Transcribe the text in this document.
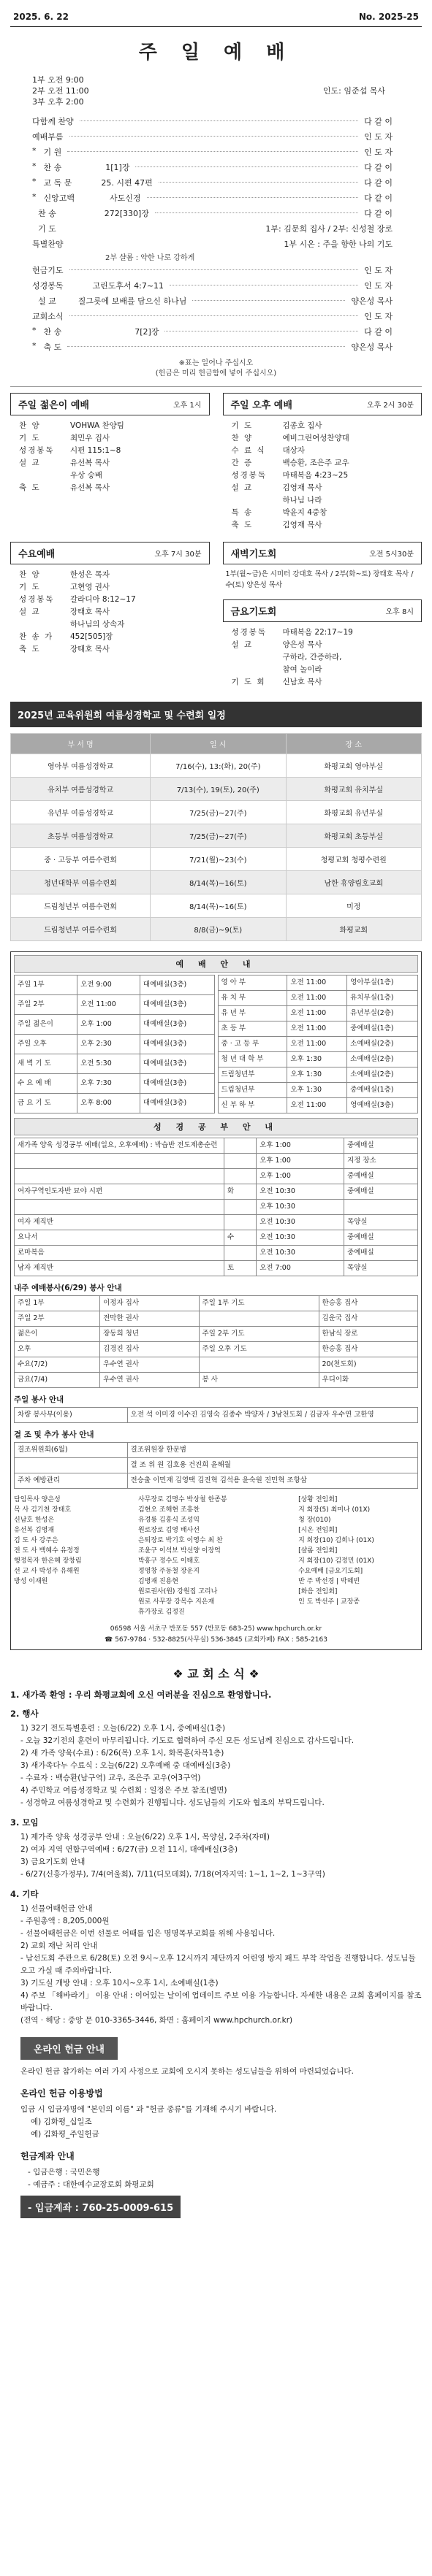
2025. 6. 22	No. 2025-25
주 일 예 배
1부 오전 9:00
2부 오전 11:00
3부 오후 2:00
인도: 임준섭 목사
다함께 찬양	다 같 이
예배부름	인 도 자
* 기 원	인 도 자
* 찬 송	1[1]장	다 같 이
* 교 독 문	25. 시편 47편	다 같 이
* 신앙고백	사도신경	다 같 이
찬 송	272[330]장	다 같 이
기 도	1부: 김문희 집사 / 2부: 신성철 장로
특별찬양	1부 시온 : 주을 향한 나의 기도
2부 샬롬 : 약한 나로 강하게
헌금기도	인 도 자
성경봉독	고린도후서 4:7~11	인 도 자
설 교	질그릇에 보배를 담으신 하나님	양은성 목사
교회소식	인 도 자
* 찬 송	7[2]장	다 같 이
* 축 도	양은성 목사
※표는 일어나 주십시오
(헌금은 미리 헌금함에 넣어 주십시오)
주일 젊은이 예배	오후 1시
찬 양	VOHWA 찬양팀
기 도	최민우 집사
성경봉독	시편 115:1~8
설 교	유선복 목사
우상 숭배
축 도	유선복 목사
주일 오후 예배	오후 2시 30분
기 도	김종호 집사
찬 양	예비그린여성찬양대
수 료 식	대상자
간 증	백승환, 조은주 교우
성경봉독	마태복음 4:23~25
설 교	김영재 목사
하나님 나라
특 송	박윤지 4중창
축 도	김영재 목사
수요예배	오후 7시 30분
찬 양	한성은 목자
기 도	고현영 권사
성경봉독	갈라디아 8:12~17
설 교	장태호 목사
하나님의 상속자
찬 송 가	452[505]장
축 도	장태호 목사
새벽기도회	오전 5시30분
1부(월~금)은 시미터 강대호 목사 / 2부(화~토) 장태호 목사 / 수(토) 양은성 목사
금요기도회	오후 8시
성경봉독	마태복음 22:17~19
설 교	양은성 목사
구하라, 간증하라,
참여 놀이라
기 도 회	신남호 목사
2025년 교육위원회 여름성경학교 및 수련회 일정
부 서 명	일 시	장 소
영아부 여름성경학교	7/16(수), 13:(화), 20(주)	화평교회 영아부실
유치부 여름성경학교	7/13(수), 19(토), 20(주)	화평교회 유치부실
유년부 여름성경학교	7/25(금)~27(주)	화평교회 유년부실
초등부 여름성경학교	7/25(금)~27(주)	화평교회 초등부실
중 · 고등부 여름수련회	7/21(월)~23(수)	청평교회 청평수련원
청년대학부 여름수련회	8/14(목)~16(토)	남한 휴양림호교회
드림청년부 여름수련회	8/14(목)~16(토)	미정
드림청년부 여름수련회	8/8(금)~9(토)	화평교회
예 배 안 내
주일 1부	오전 9:00	대예배실(3층)
주일 2부	오전 11:00	대예배실(3층)
주일 젊은이	오후 1:00	대예배실(3층)
주일 오후	오후 2:30	대예배실(3층)
새 벽 기 도	오전 5:30	대예배실(3층)
수 요 예 배	오후 7:30	대예배실(3층)
금 요 기 도	오후 8:00	대예배실(3층)
영 아 부	오전 11:00	영아부실(1층)
유 치 부	오전 11:00	유치부실(1층)
유 년 부	오전 11:00	유년부실(2층)
초 등 부	오전 11:00	중예배실(1층)
중 · 고 등 부	오전 11:00	소예배실(2층)
청 년 대 학 부	오후 1:30	소예배실(2층)
드림청년부	오후 1:30	소예배실(2층)
드림청년부	오후 1:30	중예배실(1층)
신 부 하 부	오전 11:00	영예배실(3층)
성 경 공 부 안 내
새가족 양육 성경공부 예배(일요, 오후예배) : 박습반 전도제총순련		오후 1:00	중예배실
		오후 1:00	지정 장소
		오후 1:00	중예배실
여자구역인도자반 묘야 시편	화	오전 10:30	중예배실
		오후 10:30	
여자 제직반		오전 10:30	목양실
요나서	수	오전 10:30	중예배실
로마복음		오전 10:30	중예배실
남자 제직반	토	오전 7:00	목양실
내주 예배봉사(6/29) 봉사 안내
주일 1부	이정자 집사	주일 1부 기도	한승홍 집사
주일 2부	전막한 권사		김운국 집사
젊은이	장동희 청년	주일 2부 기도	한남식 장로
오후	김경진 집사	주일 오후 기도	한승홍 집사
수요(7/2)	우수연 권사		20(천도회)
금요(7/4)	우수연 권사	봉 사	우디이화
주일 봉사 안내
차량 봉사부(이용)	오전 석 이미경 이수진 김영숙 김종수 박양자 / 3남천도회 / 김금자 우수연 고한영
결 조 및 추가 봉사 안내
결조위원회(6월)	결조위원장 한문범
	결 조 위 원 김호용 건진희 윤해월
주차 예방관리	전승출 이민재 김영택 김진혁 김석용 윤숙원 진민혁 조항삼
담임목사 양은성
목 사 김기천 장태호
신남호 한성은
유선복 김영재
김 도 사 강주은
전 도 사 백혜수 유정정
행정목자 한은혜 장창림
선 교 사 박성주 유해원
방성 이재원
사무장로 김명수 박상철 한종봉
김현오 조해현 조흥찬
유경룡 김홍식 조성익
원로장로 김영 배사선
은퇴장로 박기호 이영수 최 찬
조윤구 이석보 박선양 이장억
박홍구 정수도 이태호
정영창 주동철 장운지
김병재 진용현
원로권사(원) 강원집 고리나
원로 사무장 강목수 지은재
휴가장로 김정진
[상황 전임회]
지 회장(5) 최미나 (01X)
청 장(010)
[시온 전임회]
지 회장(10) 김희나 (01X)
[샬롬 전임회]
지 회장(10) 김정민 (01X)
수요예배 [금요기도회]
반 주 박선경 | 박혜빈
[화음 전임회]
인 도 박선주 | 교장종
06598 서울 서초구 반포동 557 (반포동 683-25) www.hpchurch.or.kr
☎ 567-9784 · 532-8825(사무실) 536-3845 (교회카페) FAX : 585-2163
❖ 교 회 소 식 ❖
1. 새가족 환영 : 우리 화평교회에 오신 여러분을 진심으로 환영합니다.
2. 행사

1) 32기 전도특별훈련 : 오늘(6/22) 오후 1시, 중예배실(1층)

- 오늘 32기전의 훈련이 마무리됩니다. 기도로 협력하여 주신 모든 성도님께 진심으로 감사드립니다.

2) 새 가족 양육(수료) : 6/26(목) 오후 1시, 화목훈(차목1층)

3) 새가족다누 수료식 : 오늘(6/22) 오후예배 중 대예배실(3층)

- 수료자 : 백승환(남구역) 교우, 조은주 교우(여3구역)

4) 주민학교 여름성경학교 및 수련회 : 일정은 주보 참조(별면)

- 성경학교 여름성경학교 및 수련회가 진행됩니다. 성도님들의 기도와 협조의 부탁드립니다.

3. 모임

1) 제가족 양육 성경공부 안내 : 오늘(6/22) 오후 1시, 목양실, 2주차(자매)

2) 여자 지역 연합구역예배 : 6/27(금) 오전 11시, 대예배실(3층)

3) 금요기도회 안내

- 6/27(신흥가정부), 7/4(여울회), 7/11(디모데회), 7/18(여자지역: 1~1, 1~2, 1~3구역)

4. 기타

1) 선물어때헌금 안내

- 주원총액 : 8,205,000원

- 선물어때헌금은 이번 선물로 어때를 입은 명명목부교회를 위해 사용됩니다.

2) 교회 재난 처리 안내

- 남선도회 주관으로 6/28(토) 오전 9시~오후 12시까지 제단까지 어린영 방지 패드 부착 작업을 진행합니다. 성도님들 오고 가실 때 주의바랍니다.

3) 기도실 개방 안내 : 오후 10시~오후 1시, 소예배실(1층)

4) 주보 「해바라기」 이용 안내 : 이어있는 날이에 업데이트 주보 이용 가능합니다. 자세한 내용은 교회 홈페이지를 참조 바랍니다.

(전역 · 해당 : 중앙 문 010-3365-3446, 화면 : 홈페이지 www.hpchurch.or.kr)

온라인 헌금 안내

온라인 헌금 참가하는 여러 가지 사정으로 교회에 오시지 못하는 성도님들을 위하여 마련되었습니다.

온라인 헌금 이용방법

입금 시 입금자명에 "본인의 이름" 과 "헌금 종류"를 기재해 주시기 바랍니다.

예) 김화평_십일조

예) 김화평_주일헌금

헌금계좌 안내

- 입금은행 : 국민은행

- 예금주 : 대한예수교장로회 화평교회

- 입금계좌 : 760-25-0009-615
